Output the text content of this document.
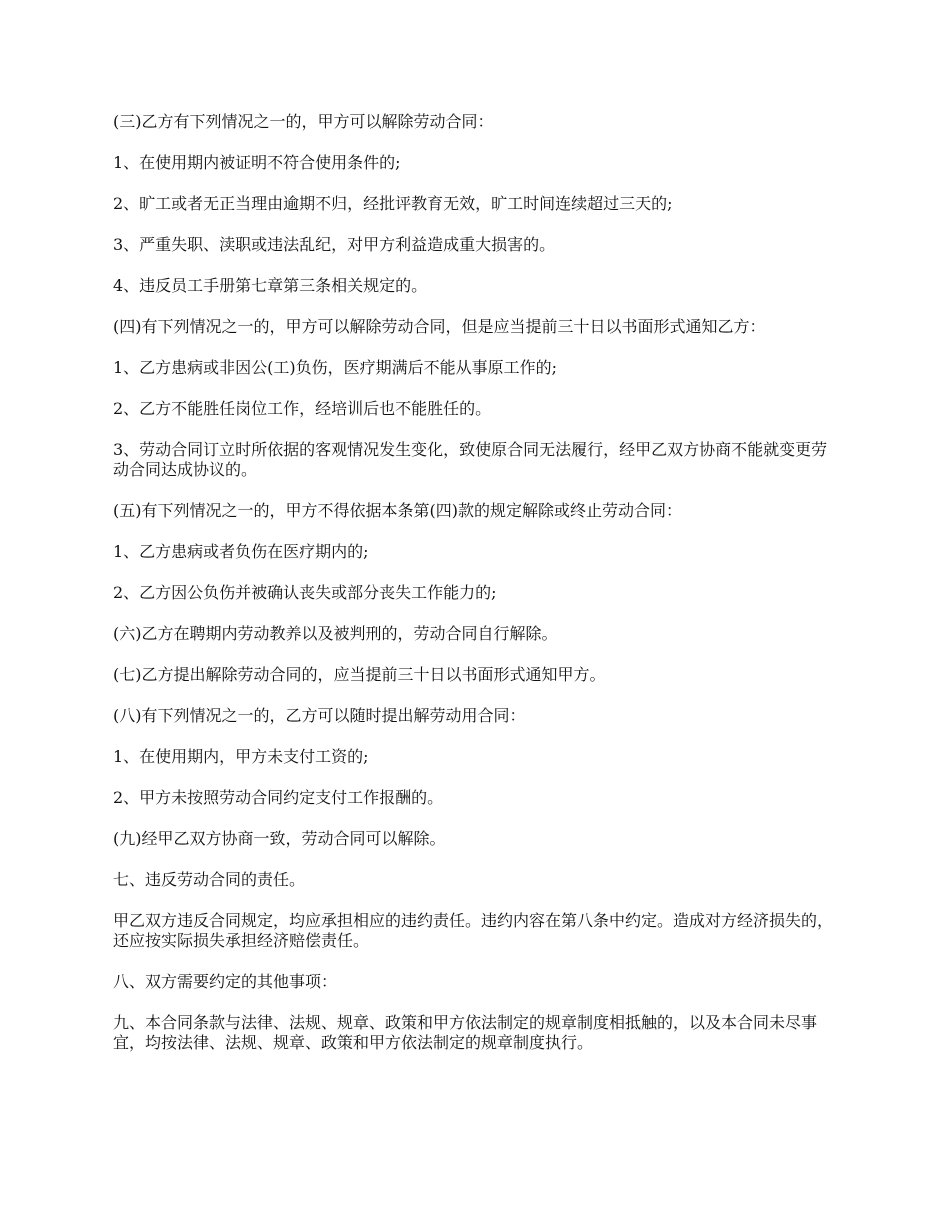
(三)乙方有下列情况之一的，甲方可以解除劳动合同：

1、在使用期内被证明不符合使用条件的;

2、旷工或者无正当理由逾期不归，经批评教育无效，旷工时间连续超过三天的;

3、严重失职、渎职或违法乱纪，对甲方利益造成重大损害的。

4、违反员工手册第七章第三条相关规定的。

(四)有下列情况之一的，甲方可以解除劳动合同，但是应当提前三十日以书面形式通知乙方：

1、乙方患病或非因公(工)负伤，医疗期满后不能从事原工作的;

2、乙方不能胜任岗位工作，经培训后也不能胜任的。

3、劳动合同订立时所依据的客观情况发生变化，致使原合同无法履行，经甲乙双方协商不能就变更劳动合同达成协议的。

(五)有下列情况之一的，甲方不得依据本条第(四)款的规定解除或终止劳动合同：

1、乙方患病或者负伤在医疗期内的;

2、乙方因公负伤并被确认丧失或部分丧失工作能力的;

(六)乙方在聘期内劳动教养以及被判刑的，劳动合同自行解除。

(七)乙方提出解除劳动合同的，应当提前三十日以书面形式通知甲方。

(八)有下列情况之一的，乙方可以随时提出解劳动用合同：

1、在使用期内，甲方未支付工资的;

2、甲方未按照劳动合同约定支付工作报酬的。

(九)经甲乙双方协商一致，劳动合同可以解除。

七、违反劳动合同的责任。

甲乙双方违反合同规定，均应承担相应的违约责任。违约内容在第八条中约定。造成对方经济损失的，还应按实际损失承担经济赔偿责任。

八、双方需要约定的其他事项：

九、本合同条款与法律、法规、规章、政策和甲方依法制定的规章制度相抵触的，以及本合同未尽事宜，均按法律、法规、规章、政策和甲方依法制定的规章制度执行。
